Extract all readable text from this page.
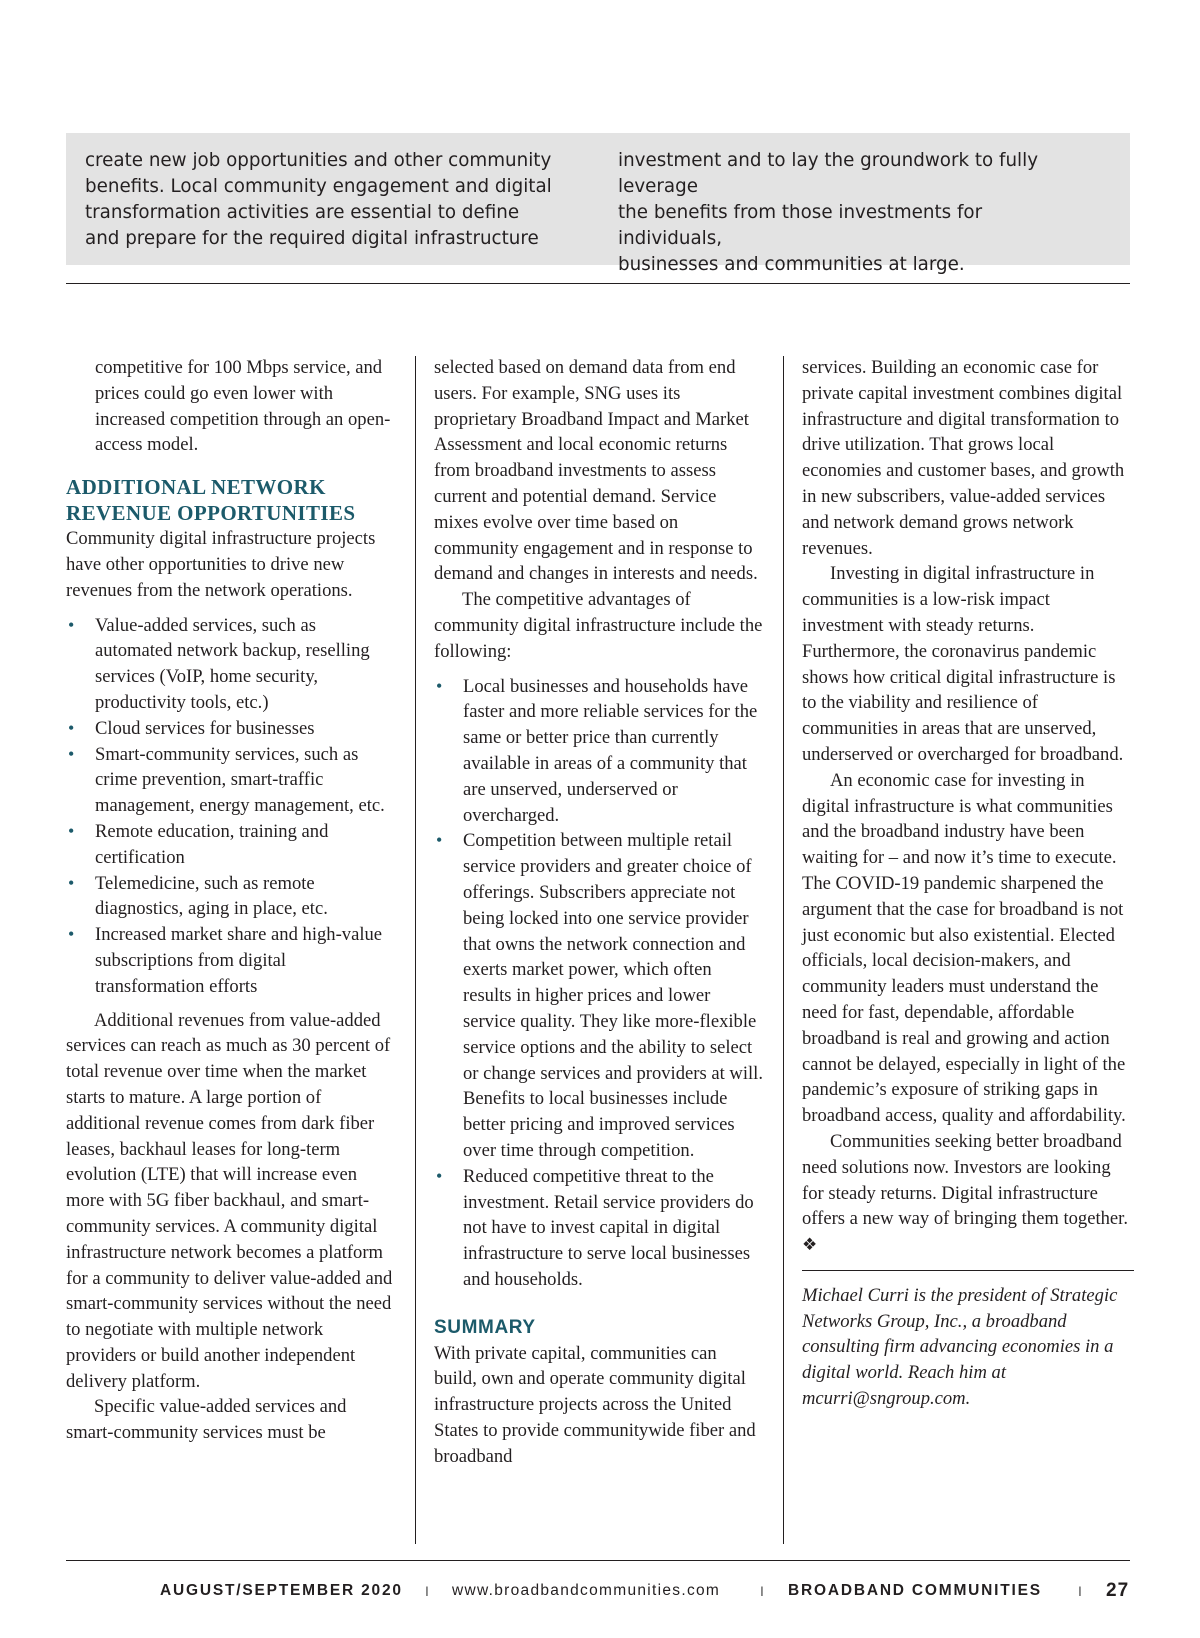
create new job opportunities and other community

benefits. Local community engagement and digital

transformation activities are essential to define

and prepare for the required digital infrastructure

investment and to lay the groundwork to fully leverage

the benefits from those investments for individuals,

businesses and communities at large.

competitive for 100 Mbps service, and prices could go even lower with increased competition through an open-access model.

ADDITIONAL NETWORK
REVENUE OPPORTUNITIES

Community digital infrastructure projects have other opportunities to drive new revenues from the network operations.

• Value-added services, such as automated network backup, reselling services (VoIP, home security, productivity tools, etc.)
• Cloud services for businesses
• Smart-community services, such as crime prevention, smart-traffic management, energy management, etc.
• Remote education, training and certification
• Telemedicine, such as remote diagnostics, aging in place, etc.
• Increased market share and high-value subscriptions from digital transformation efforts

Additional revenues from value-added services can reach as much as 30 percent of total revenue over time when the market starts to mature. A large portion of additional revenue comes from dark fiber leases, backhaul leases for long-term evolution (LTE) that will increase even more with 5G fiber backhaul, and smart-community services. A community digital infrastructure network becomes a platform for a community to deliver value-added and smart-community services without the need to negotiate with multiple network providers or build another independent delivery platform.

Specific value-added services and smart-community services must be

selected based on demand data from end users. For example, SNG uses its proprietary Broadband Impact and Market Assessment and local economic returns from broadband investments to assess current and potential demand. Service mixes evolve over time based on community engagement and in response to demand and changes in interests and needs.

The competitive advantages of community digital infrastructure include the following:

• Local businesses and households have faster and more reliable services for the same or better price than currently available in areas of a community that are unserved, underserved or overcharged.
• Competition between multiple retail service providers and greater choice of offerings. Subscribers appreciate not being locked into one service provider that owns the network connection and exerts market power, which often results in higher prices and lower service quality. They like more-flexible service options and the ability to select or change services and providers at will. Benefits to local businesses include better pricing and improved services over time through competition.
• Reduced competitive threat to the investment. Retail service providers do not have to invest capital in digital infrastructure to serve local businesses and households.
SUMMARY

With private capital, communities can build, own and operate community digital infrastructure projects across the United States to provide communitywide fiber and broadband

services. Building an economic case for private capital investment combines digital infrastructure and digital transformation to drive utilization. That grows local economies and customer bases, and growth in new subscribers, value-added services and network demand grows network revenues.

Investing in digital infrastructure in communities is a low-risk impact investment with steady returns. Furthermore, the coronavirus pandemic shows how critical digital infrastructure is to the viability and resilience of communities in areas that are unserved, underserved or overcharged for broadband.

An economic case for investing in digital infrastructure is what communities and the broadband industry have been waiting for – and now it’s time to execute. The COVID-19 pandemic sharpened the argument that the case for broadband is not just economic but also existential. Elected officials, local decision-makers, and community leaders must understand the need for fast, dependable, affordable broadband is real and growing and action cannot be delayed, especially in light of the pandemic’s exposure of striking gaps in broadband access, quality and affordability.

Communities seeking better broadband need solutions now. Investors are looking for steady returns. Digital infrastructure offers a new way of bringing them together. ❖

Michael Curri is the president of Strategic Networks Group, Inc., a broadband consulting firm advancing economies in a digital world. Reach him at mcurri@sngroup.com.

AUGUST/SEPTEMBER 2020 I www.broadbandcommunities.com	I BROADBAND COMMUNITIES	I 27
